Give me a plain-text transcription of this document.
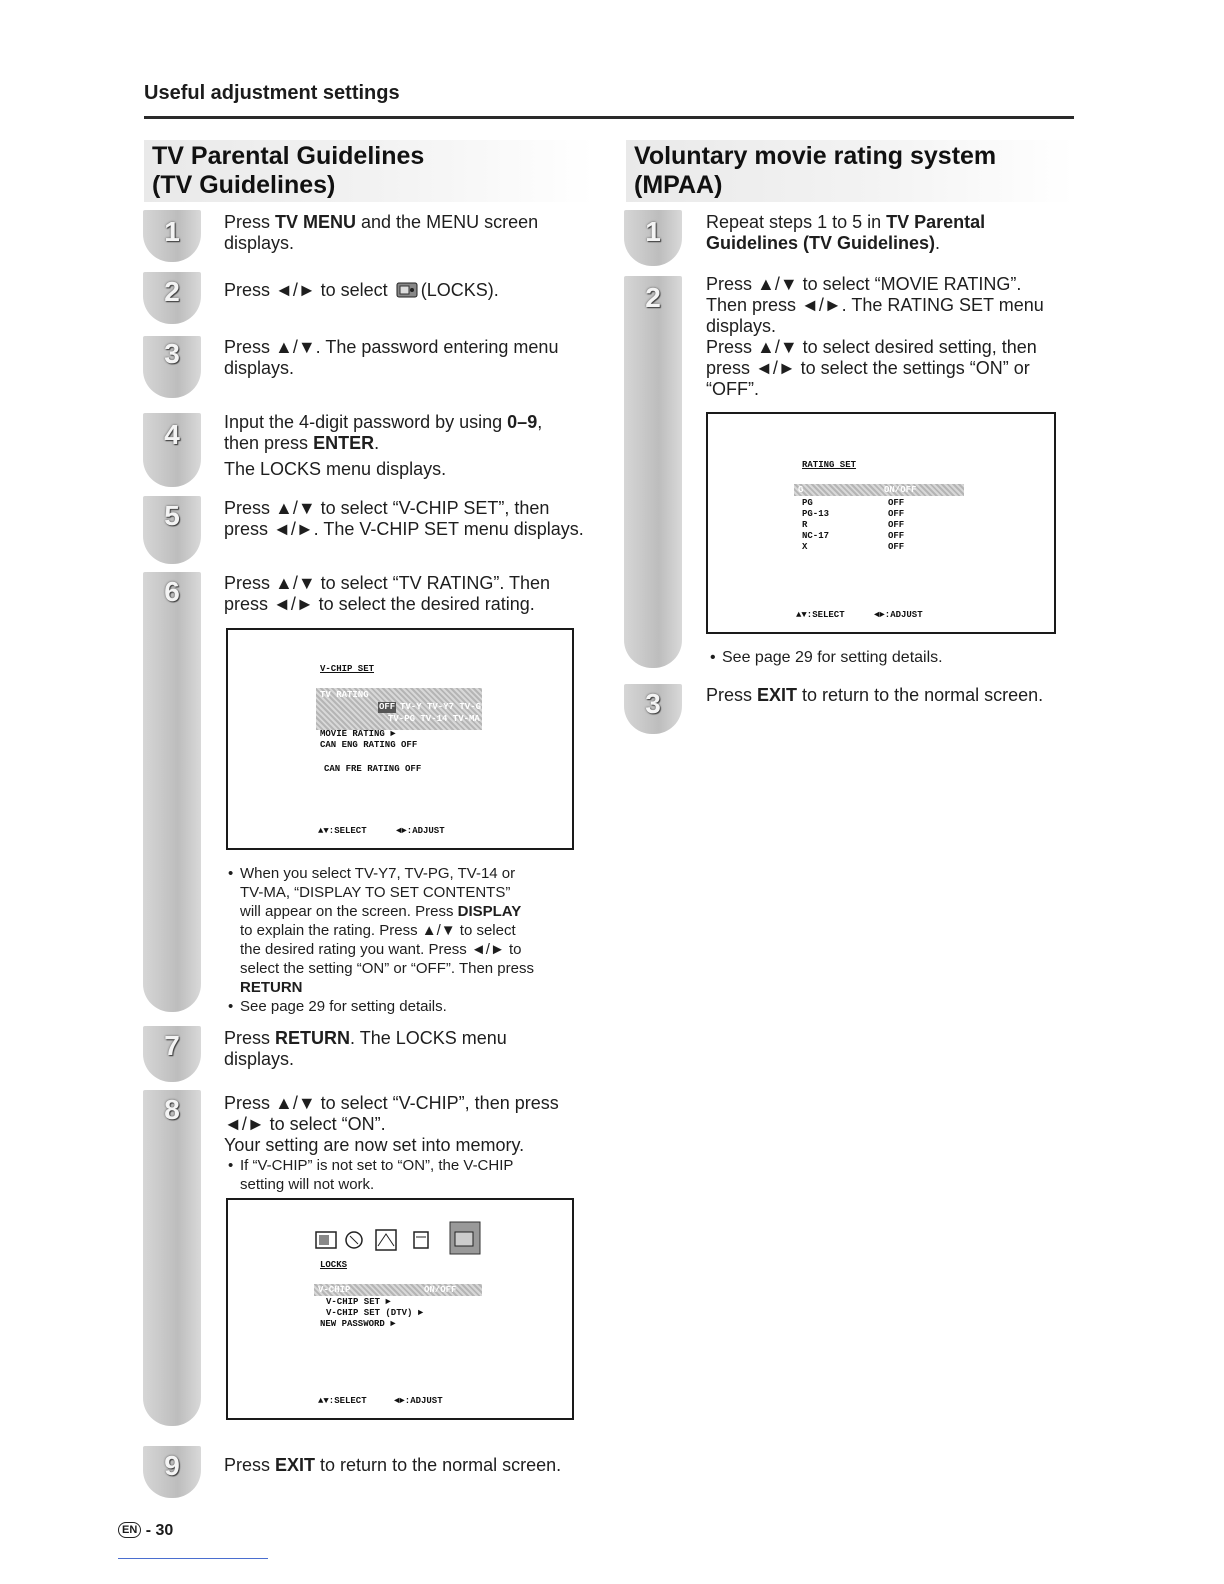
Useful adjustment settings
TV Parental Guidelines
(TV Guidelines)
1
2
3
4
5
6
7
8
9
Press TV MENU and the MENU screen
displays.
Press ◄/► to select (LOCKS).
Press ▲/▼. The password entering menu
displays.
Input the 4-digit password by using 0–9,
then press ENTER.
The LOCKS menu displays.
Press ▲/▼ to select “V-CHIP SET”, then
press ◄/►. The V-CHIP SET menu displays.
Press ▲/▼ to select “TV RATING”. Then
press ◄/► to select the desired rating.
V-CHIP SET
TV RATING
OFF TV-Y TV-Y7 TV-G
TV-PG TV-14 TV-MA
MOVIE RATING ►
CAN ENG RATING OFF
CAN FRE RATING OFF
▲▼:SELECT	◄►:ADJUST
• When you select TV-Y7, TV-PG, TV-14 or
TV-MA, “DISPLAY TO SET CONTENTS”
will appear on the screen. Press DISPLAY
to explain the rating. Press ▲/▼ to select
the desired rating you want. Press ◄/► to
select the setting “ON” or “OFF”. Then press
RETURN
• See page 29 for setting details.
Press RETURN. The LOCKS menu
displays.
Press ▲/▼ to select “V-CHIP”, then press
◄/► to select “ON”.
Your setting are now set into memory.
• If “V-CHIP” is not set to “ON”, the V-CHIP
setting will not work.
LOCKS
V-CHIP	ON/OFF
V-CHIP SET ►
V-CHIP SET (DTV) ►
NEW PASSWORD ►
▲▼:SELECT	◄►:ADJUST
Press EXIT to return to the normal screen.
Voluntary movie rating system
(MPAA)
1
2
3
Repeat steps 1 to 5 in TV Parental
Guidelines (TV Guidelines).
Press ▲/▼ to select “MOVIE RATING”.
Then press ◄/►. The RATING SET menu
displays.
Press ▲/▼ to select desired setting, then
press ◄/► to select the settings “ON” or
“OFF”.
RATING SET
G	ON/OFF
PG	OFF
PG-13	OFF
R	OFF
NC-17	OFF
X	OFF
▲▼:SELECT	◄►:ADJUST
• See page 29 for setting details.
Press EXIT to return to the normal screen.
EN - 30
